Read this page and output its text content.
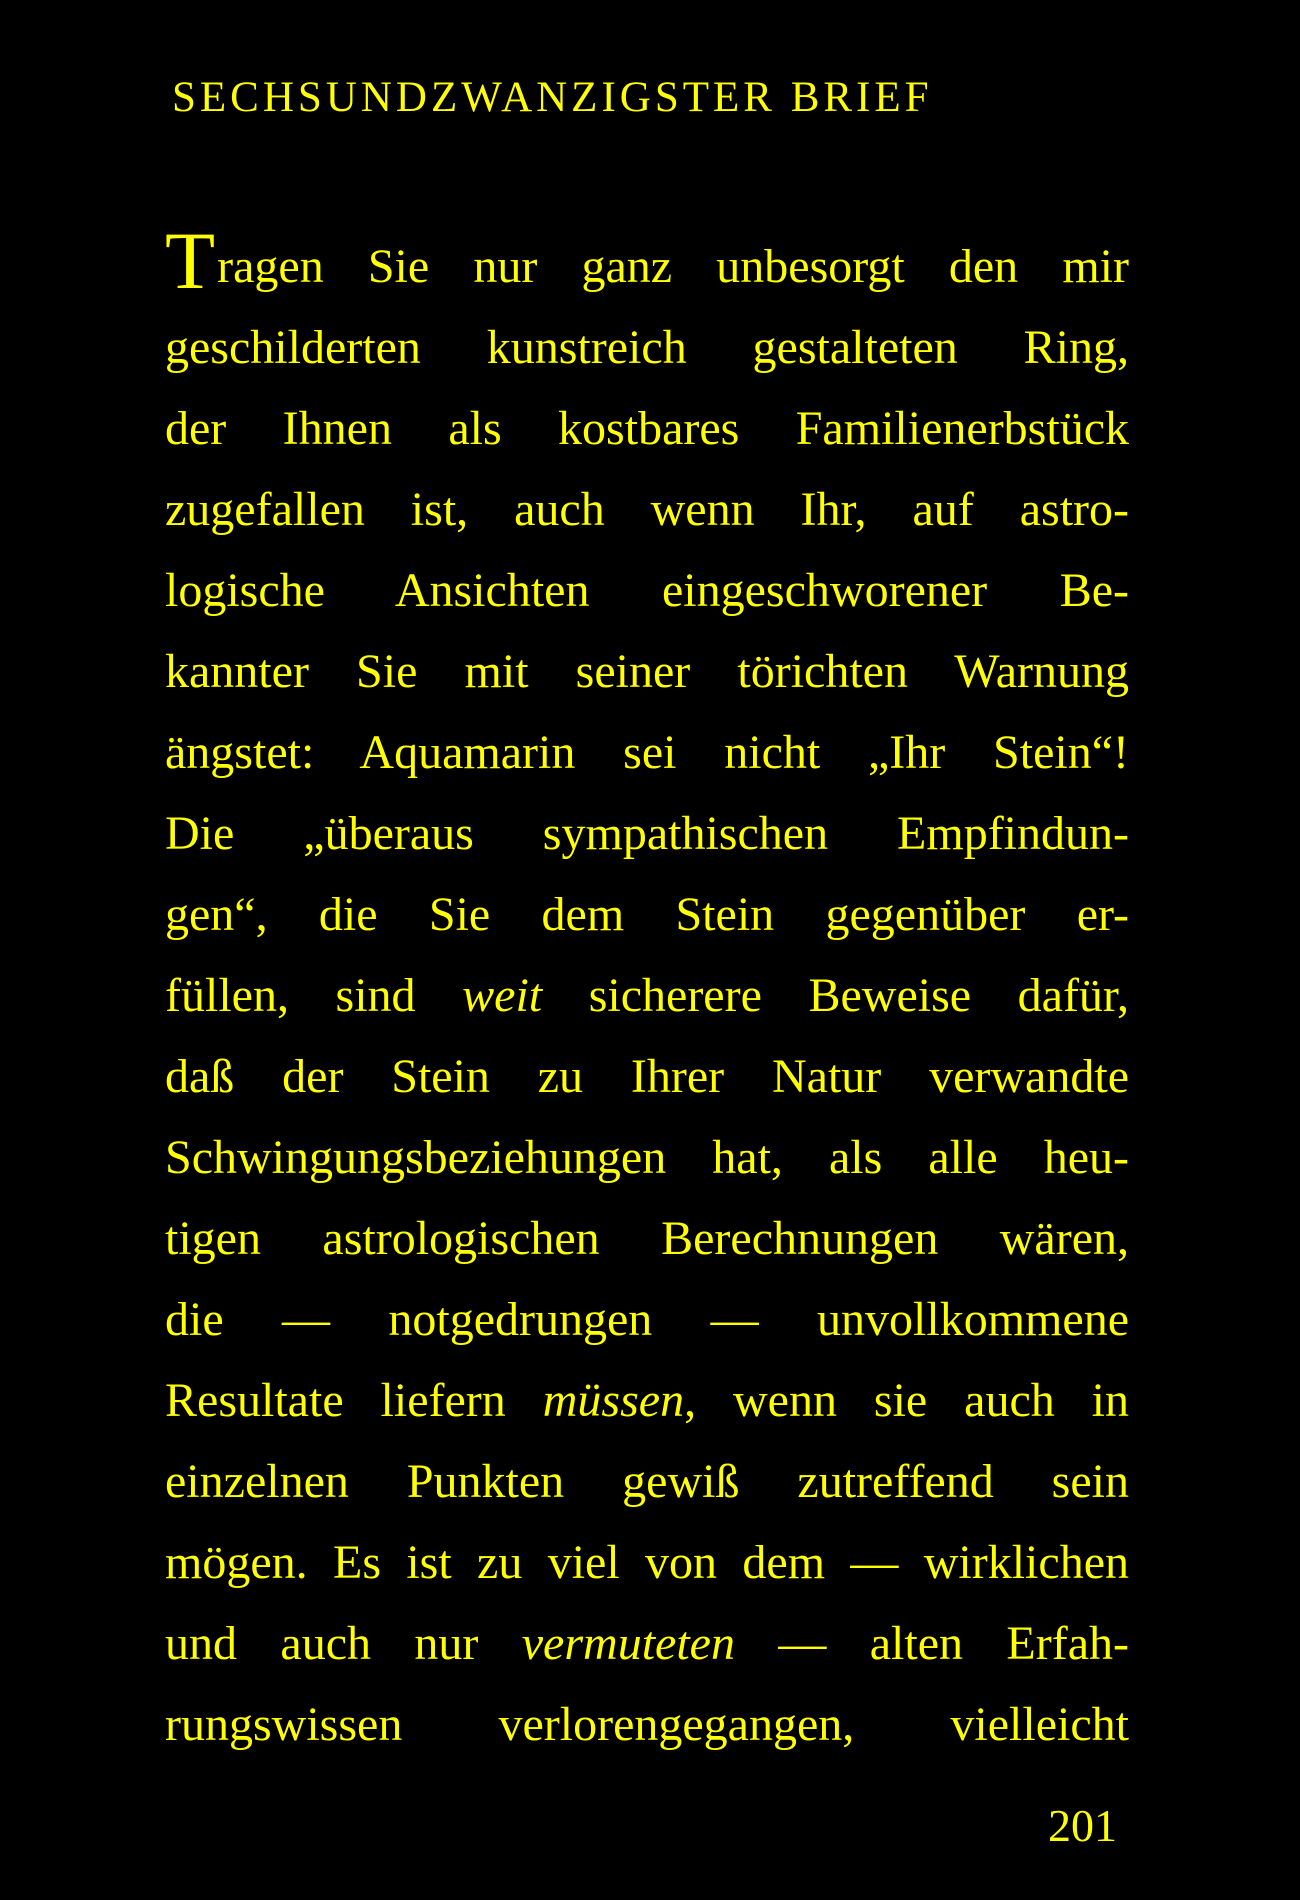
SECHSUNDZWANZIGSTER BRIEF
Tragen Sie nur ganz unbesorgt den mir
geschilderten kunstreich gestalteten Ring,
der Ihnen als kostbares Familienerbstück
zugefallen ist, auch wenn Ihr, auf astro-
logische Ansichten eingeschworener Be-
kannter Sie mit seiner törichten Warnung
ängstet: Aquamarin sei nicht „Ihr Stein“!
Die „überaus sympathischen Empfindun-
gen“, die Sie dem Stein gegenüber er-
füllen, sind weit sicherere Beweise dafür,
daß der Stein zu Ihrer Natur verwandte
Schwingungsbeziehungen hat, als alle heu-
tigen astrologischen Berechnungen wären,
die — notgedrungen — unvollkommene
Resultate liefern müssen, wenn sie auch in
einzelnen Punkten gewiß zutreffend sein
mögen. Es ist zu viel von dem — wirklichen
und auch nur vermuteten — alten Erfah-
rungswissen verlorengegangen, vielleicht
201
